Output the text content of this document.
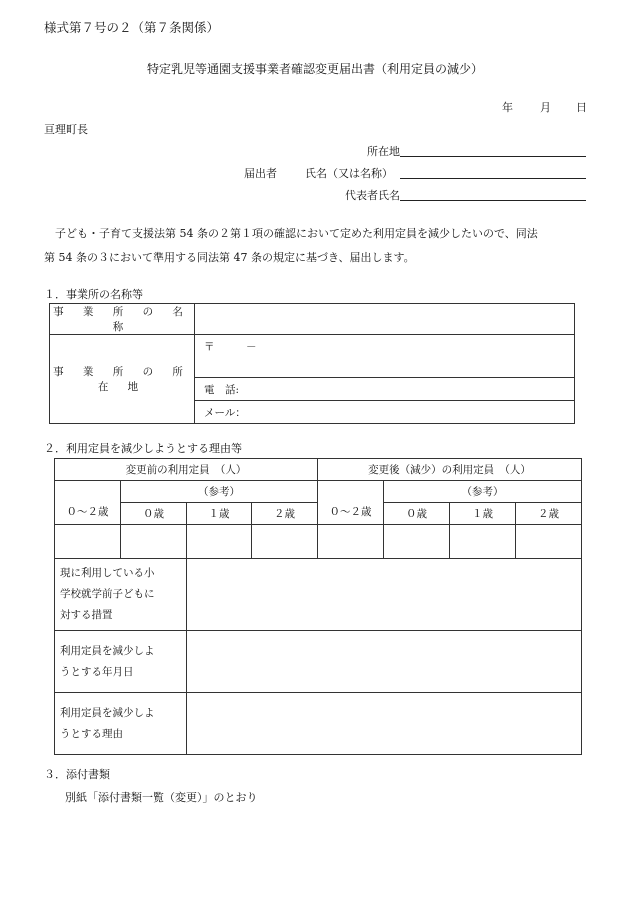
様式第７号の２（第７条関係）
特定乳児等通園支援事業者確認変更届出書（利用定員の減少）
年 月 日
亘理町長
所在地
届出者	氏名（又は名称）
代表者氏名
子ども・子育て支援法第 54 条の２第１項の確認において定めた利用定員を減少したいので、同法
第 54 条の３において準用する同法第 47 条の規定に基づき、届出します。
１．事業所の名称等
事 業 所 の 名 称	
事 業 所 の 所 在 地	〒　　　－
	電　話:
	メール：
２．利用定員を減少しようとする理由等
変更前の利用定員　（人）				変更後（減少）の利用定員　（人）			
０～２歳	（参考）			０～２歳	（参考）		
	０歳	１歳	２歳		０歳	１歳	２歳

現に利用している小学校就学前子どもに対する措置							
利用定員を減少しようとする年月日							
利用定員を減少しようとする理由							
３．添付書類
別紙「添付書類一覧（変更）」のとおり
